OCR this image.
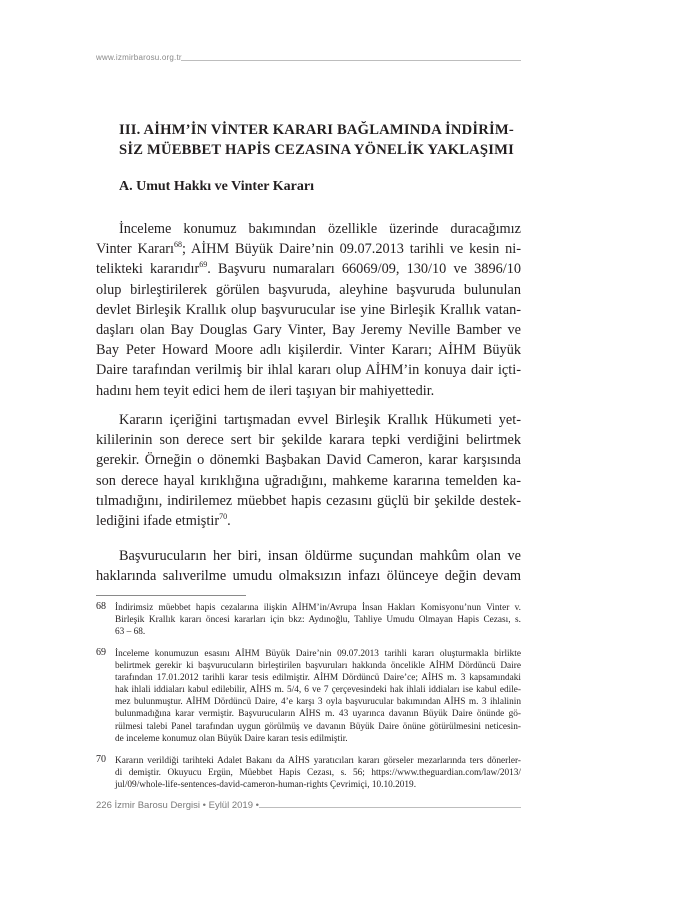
www.izmirbarosu.org.tr
III. AİHM’İN VİNTER KARARI BAĞLAMINDA İNDİRİM-
SİZ MÜEBBET HAPİS CEZASINA YÖNELİK YAKLAŞIMI
A. Umut Hakkı ve Vinter Kararı
İnceleme konumuz bakımından özellikle üzerinde duracağımız
Vinter Kararı$^{68}$; AİHM Büyük Daire’nin 09.07.2013 tarihli ve kesin ni-
telikteki kararıdır$^{69}$. Başvuru numaraları 66069/09, 130/10 ve 3896/10
olup birleştirilerek görülen başvuruda, aleyhine başvuruda bulunulan
devlet Birleşik Krallık olup başvurucular ise yine Birleşik Krallık vatan-
daşları olan Bay Douglas Gary Vinter, Bay Jeremy Neville Bamber ve
Bay Peter Howard Moore adlı kişilerdir. Vinter Kararı; AİHM Büyük
Daire tarafından verilmiş bir ihlal kararı olup AİHM’in konuya dair içti-
hadını hem teyit edici hem de ileri taşıyan bir mahiyettedir.
Kararın içeriğini tartışmadan evvel Birleşik Krallık Hükumeti yet-
kililerinin son derece sert bir şekilde karara tepki verdiğini belirtmek
gerekir. Örneğin o dönemki Başbakan David Cameron, karar karşısında
son derece hayal kırıklığına uğradığını, mahkeme kararına temelden ka-
tılmadığını, indirilemez müebbet hapis cezasını güçlü bir şekilde destek-
lediğini ifade etmiştir$^{70}$.
Başvurucuların her biri, insan öldürme suçundan mahkûm olan ve
haklarında salıverilme umudu olmaksızın infazı ölünceye değin devam
68 İndirimsiz müebbet hapis cezalarına ilişkin AİHM’in/Avrupa İnsan Hakları Komisyonu’nun Vinter v.
Birleşik Krallık kararı öncesi kararları için bkz: Aydınoğlu, Tahliye Umudu Olmayan Hapis Cezası, s.
63 – 68.
69 İnceleme konumuzun esasını AİHM Büyük Daire’nin 09.07.2013 tarihli kararı oluşturmakla birlikte
belirtmek gerekir ki başvurucuların birleştirilen başvuruları hakkında öncelikle AİHM Dördüncü Daire
tarafından 17.01.2012 tarihli karar tesis edilmiştir. AİHM Dördüncü Daire’ce; AİHS m. 3 kapsamındaki
hak ihlali iddiaları kabul edilebilir, AİHS m. 5/4, 6 ve 7 çerçevesindeki hak ihlali iddiaları ise kabul edile-
mez bulunmuştur. AİHM Dördüncü Daire, 4’e karşı 3 oyla başvurucular bakımından AİHS m. 3 ihlalinin
bulunmadığına karar vermiştir. Başvurucuların AİHS m. 43 uyarınca davanın Büyük Daire önünde gö-
rülmesi talebi Panel tarafından uygun görülmüş ve davanın Büyük Daire önüne götürülmesini neticesin-
de inceleme konumuz olan Büyük Daire kararı tesis edilmiştir.
70 Kararın verildiği tarihteki Adalet Bakanı da AİHS yaratıcıları kararı görseler mezarlarında ters dönerler-
di demiştir. Okuyucu Ergün, Müebbet Hapis Cezası, s. 56; https://www.theguardian.com/law/2013/
jul/09/whole-life-sentences-david-cameron-human-rights Çevrimiçi, 10.10.2019.
226 İzmir Barosu Dergisi • Eylül 2019 •
